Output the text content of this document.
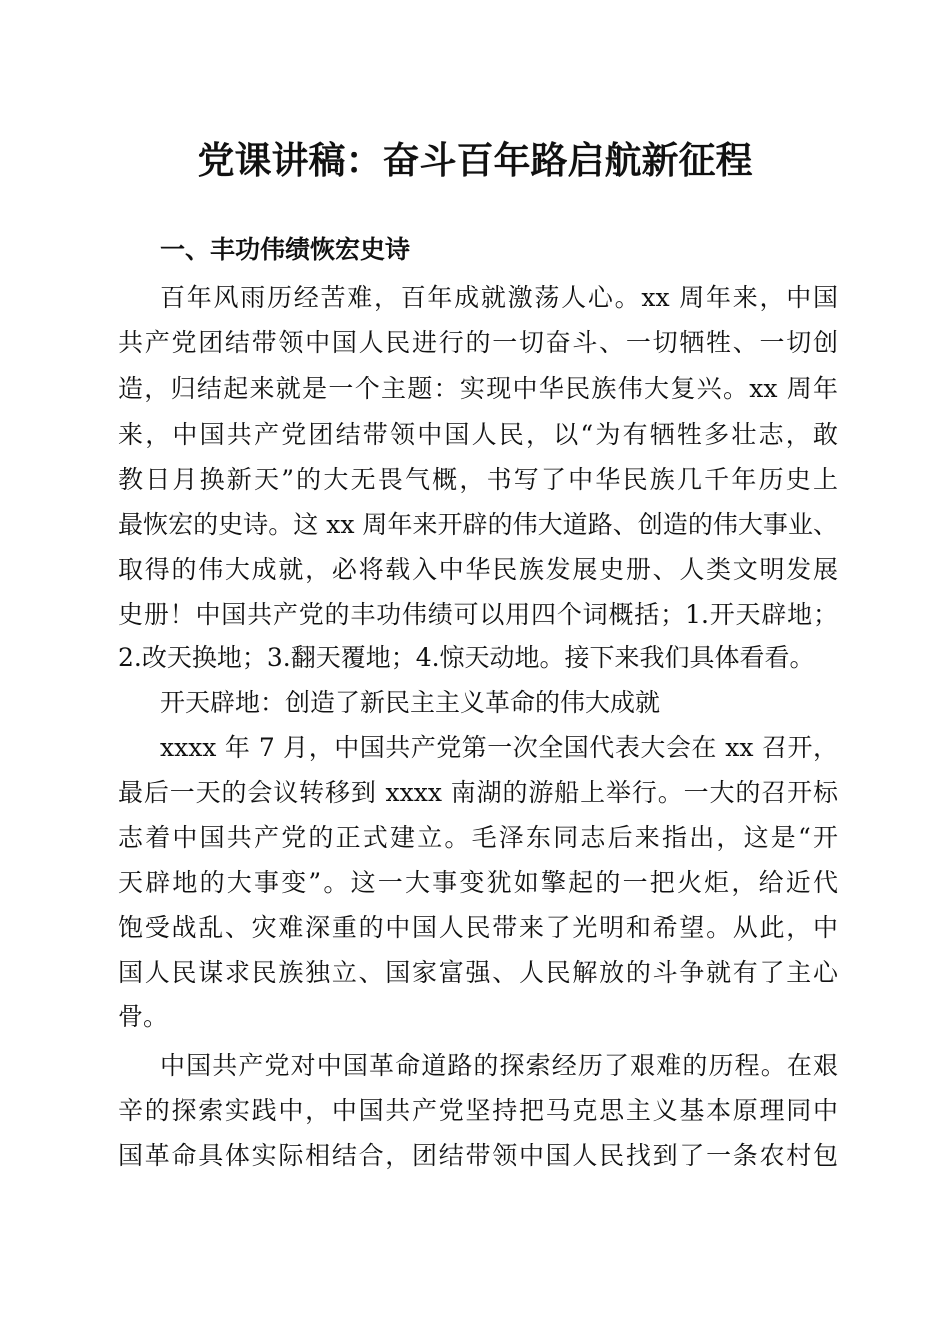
党课讲稿：奋斗百年路启航新征程
一、丰功伟绩恢宏史诗
百年风雨历经苦难，百年成就激荡人心。xx 周年来，中国
共产党团结带领中国人民进行的一切奋斗、一切牺牲、一切创
造，归结起来就是一个主题：实现中华民族伟大复兴。xx 周年
来，中国共产党团结带领中国人民，以“为有牺牲多壮志，敢
教日月换新天”的大无畏气概，书写了中华民族几千年历史上
最恢宏的史诗。这 xx 周年来开辟的伟大道路、创造的伟大事业、
取得的伟大成就，必将载入中华民族发展史册、人类文明发展
史册！中国共产党的丰功伟绩可以用四个词概括；1.开天辟地；
2.改天换地；3.翻天覆地；4.惊天动地。接下来我们具体看看。
开天辟地：创造了新民主主义革命的伟大成就
xxxx 年 7 月，中国共产党第一次全国代表大会在 xx 召开，
最后一天的会议转移到 xxxx 南湖的游船上举行。一大的召开标
志着中国共产党的正式建立。毛泽东同志后来指出，这是“开
天辟地的大事变”。这一大事变犹如擎起的一把火炬，给近代
饱受战乱、灾难深重的中国人民带来了光明和希望。从此，中
国人民谋求民族独立、国家富强、人民解放的斗争就有了主心
骨。
中国共产党对中国革命道路的探索经历了艰难的历程。在艰
辛的探索实践中，中国共产党坚持把马克思主义基本原理同中
国革命具体实际相结合，团结带领中国人民找到了一条农村包
